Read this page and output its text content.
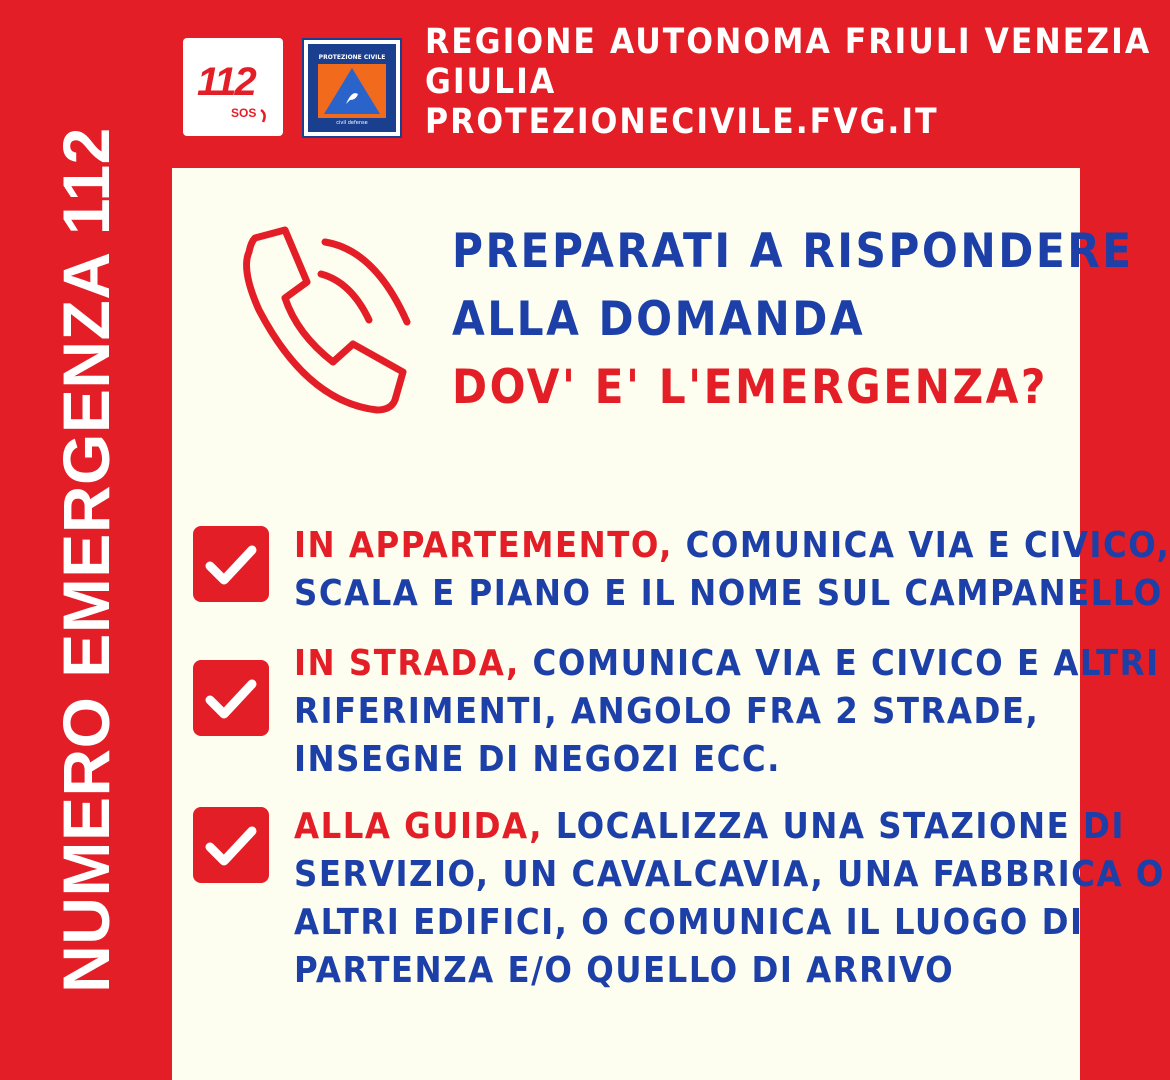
NUMERO EMERGENZA 112
112
SOS
PROTEZIONE CIVILE
civil defense
REGIONE AUTONOMA FRIULI VENEZIA
GIULIA
PROTEZIONECIVILE.FVG.IT
PREPARATI A RISPONDERE
ALLA DOMANDA
DOV' E' L'EMERGENZA?
IN APPARTEMENTO, COMUNICA VIA E CIVICO,
SCALA E PIANO E IL NOME SUL CAMPANELLO
IN STRADA, COMUNICA VIA E CIVICO E ALTRI
RIFERIMENTI, ANGOLO FRA 2 STRADE,
INSEGNE DI NEGOZI ECC.
ALLA GUIDA, LOCALIZZA UNA STAZIONE DI
SERVIZIO, UN CAVALCAVIA, UNA FABBRICA O
ALTRI EDIFICI, O COMUNICA IL LUOGO DI
PARTENZA E/O QUELLO DI ARRIVO
